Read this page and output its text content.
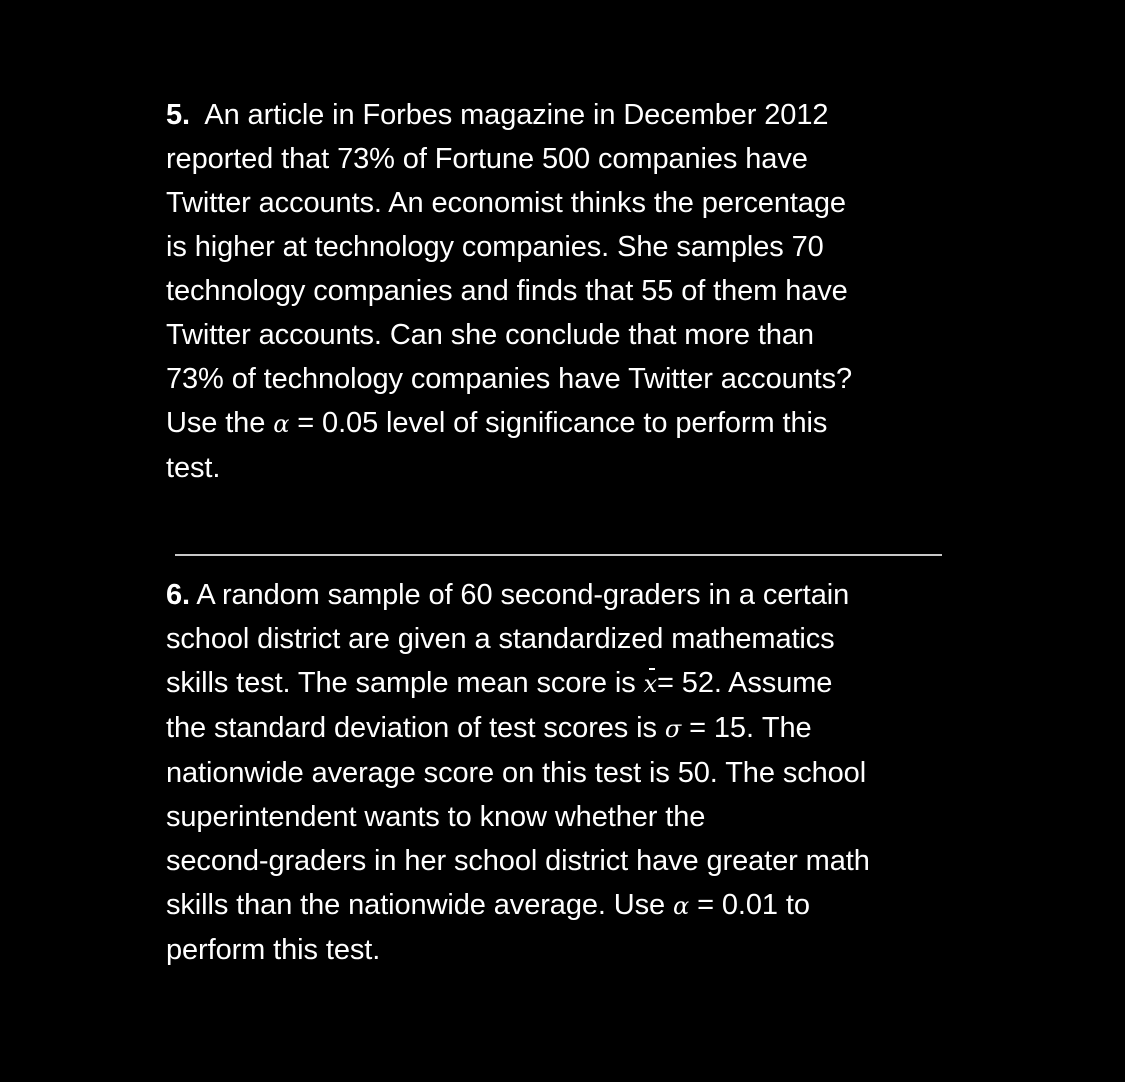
5. An article in Forbes magazine in December 2012
reported that 73% of Fortune 500 companies have
Twitter accounts. An economist thinks the percentage
is higher at technology companies. She samples 70
technology companies and finds that 55 of them have
Twitter accounts. Can she conclude that more than
73% of technology companies have Twitter accounts?
Use the α = 0.05 level of significance to perform this
test.
6. A random sample of 60 second-graders in a certain
school district are given a standardized mathematics
skills test. The sample mean score is x= 52. Assume
the standard deviation of test scores is σ = 15. The
nationwide average score on this test is 50. The school
superintendent wants to know whether the
second-graders in her school district have greater math
skills than the nationwide average. Use α = 0.01 to
perform this test.
